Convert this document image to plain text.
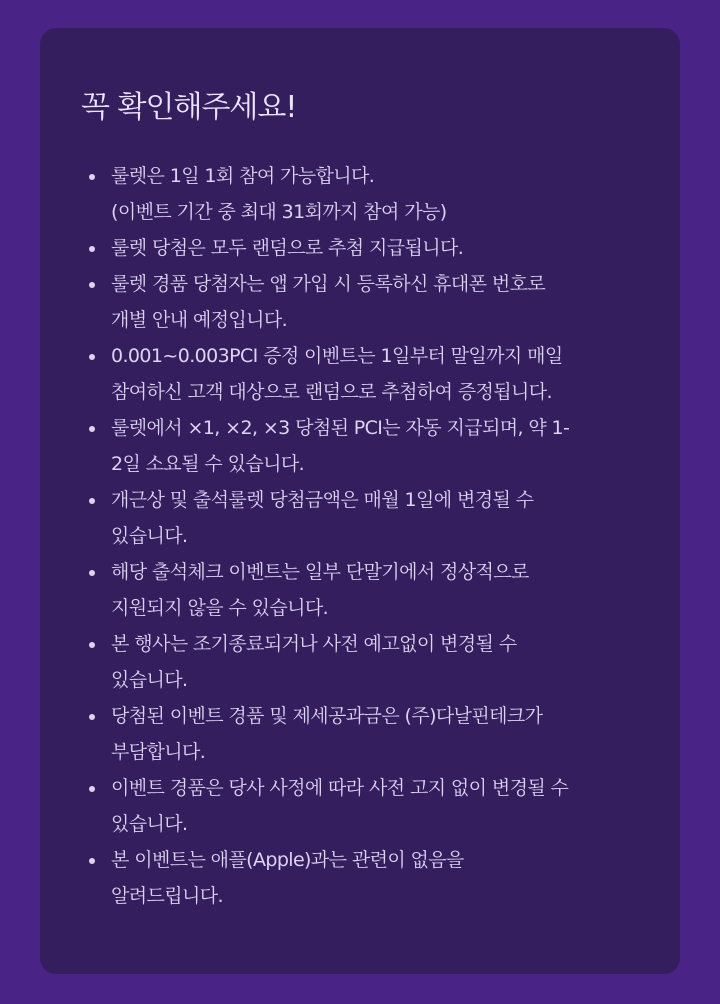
꼭 확인해주세요!
룰렛은 1일 1회 참여 가능합니다.
(이벤트 기간 중 최대 31회까지 참여 가능)
룰렛 당첨은 모두 랜덤으로 추첨 지급됩니다.
룰렛 경품 당첨자는 앱 가입 시 등록하신 휴대폰 번호로
개별 안내 예정입니다.
0.001~0.003PCI 증정 이벤트는 1일부터 말일까지 매일
참여하신 고객 대상으로 랜덤으로 추첨하여 증정됩니다.
룰렛에서 ×1, ×2, ×3 당첨된 PCI는 자동 지급되며, 약 1-
2일 소요될 수 있습니다.
개근상 및 출석룰렛 당첨금액은 매월 1일에 변경될 수
있습니다.
해당 출석체크 이벤트는 일부 단말기에서 정상적으로
지원되지 않을 수 있습니다.
본 행사는 조기종료되거나 사전 예고없이 변경될 수
있습니다.
당첨된 이벤트 경품 및 제세공과금은 (주)다날핀테크가
부담합니다.
이벤트 경품은 당사 사정에 따라 사전 고지 없이 변경될 수
있습니다.
본 이벤트는 애플(Apple)과는 관련이 없음을
알려드립니다.
